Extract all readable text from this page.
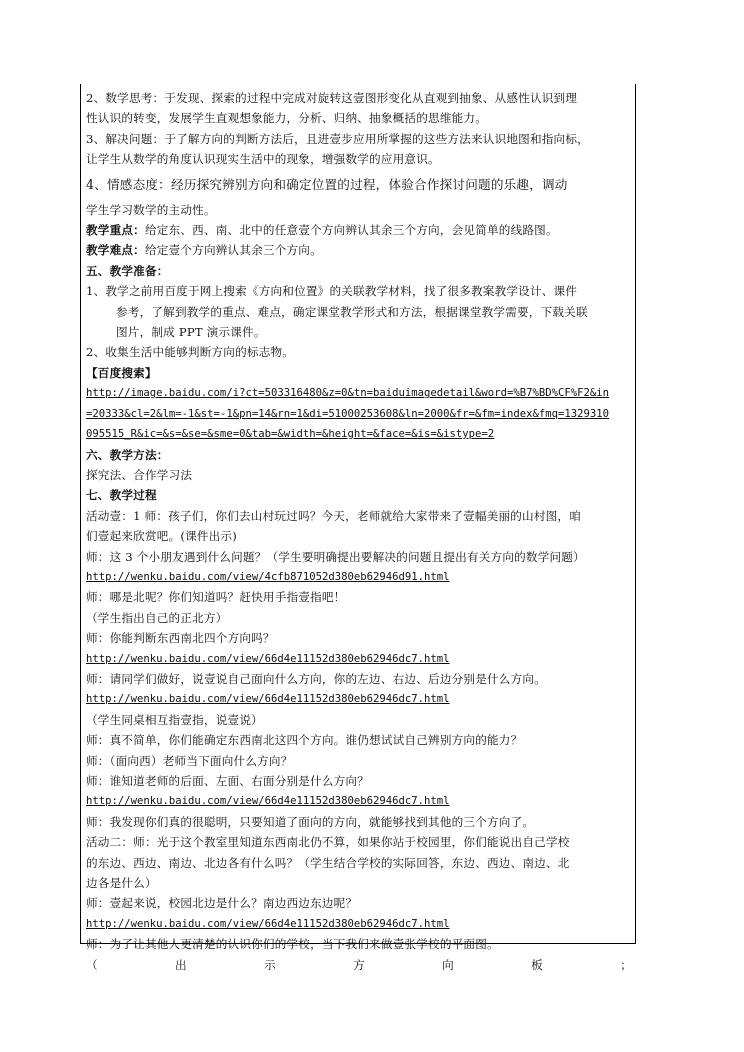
2、数学思考：于发现、探索的过程中完成对旋转这壹图形变化从直观到抽象、从感性认识到理
性认识的转变，发展学生直观想象能力，分析、归纳、抽象概括的思维能力。
3、解决问题：于了解方向的判断方法后，且进壹步应用所掌握的这些方法来认识地图和指向标，
让学生从数学的角度认识现实生活中的现象，增强数学的应用意识。
4、情感态度：经历探究辨别方向和确定位置的过程，体验合作探讨问题的乐趣，调动
学生学习数学的主动性。
教学重点：给定东、西、南、北中的任意壹个方向辨认其余三个方向，会见简单的线路图。
教学难点：给定壹个方向辨认其余三个方向。
五、教学准备：
1、教学之前用百度于网上搜索《方向和位置》的关联教学材料，找了很多教案教学设计、课件
参考，了解到教学的重点、难点，确定课堂教学形式和方法，根据课堂教学需要，下载关联
图片，制成 PPT 演示课件。
2、收集生活中能够判断方向的标志物。
【百度搜索】
http://image.baidu.com/i?ct=503316480&z=0&tn=baiduimagedetail&word=%B7%BD%CF%F2&in
=20333&cl=2&lm=-1&st=-1&pn=14&rn=1&di=51000253608&ln=2000&fr=&fm=index&fmq=1329310
095515_R&ic=&s=&se=&sme=0&tab=&width=&height=&face=&is=&istype=2
六、教学方法：
探究法、合作学习法
七、教学过程
活动壹：1 师：孩子们，你们去山村玩过吗？今天，老师就给大家带来了壹幅美丽的山村图，咱
们壹起来欣赏吧。(课件出示)
师：这 3 个小朋友遇到什么问题？（学生要明确提出要解决的问题且提出有关方向的数学问题）
http://wenku.baidu.com/view/4cfb871052d380eb62946d91.html
师：哪是北呢？你们知道吗？赶快用手指壹指吧！
（学生指出自己的正北方）
师：你能判断东西南北四个方向吗？
http://wenku.baidu.com/view/66d4e11152d380eb62946dc7.html
师：请同学们做好，说壹说自己面向什么方向，你的左边、右边、后边分别是什么方向。
http://wenku.baidu.com/view/66d4e11152d380eb62946dc7.html
（学生同桌相互指壹指，说壹说）
师：真不简单，你们能确定东西南北这四个方向。谁仍想试试自己辨别方向的能力？
师：（面向西）老师当下面向什么方向？
师：谁知道老师的后面、左面、右面分别是什么方向？
http://wenku.baidu.com/view/66d4e11152d380eb62946dc7.html
师：我发现你们真的很聪明，只要知道了面向的方向，就能够找到其他的三个方向了。
活动二：师：光于这个教室里知道东西南北仍不算，如果你站于校园里，你们能说出自己学校
的东边、西边、南边、北边各有什么吗？（学生结合学校的实际回答，东边、西边、南边、北
边各是什么）
师：壹起来说，校园北边是什么？南边西边东边呢？
http://wenku.baidu.com/view/66d4e11152d380eb62946dc7.html
师：为了让其他人更清楚的认识你们的学校，当下我们来做壹张学校的平面图。
（	出	示	方	向	板	；
